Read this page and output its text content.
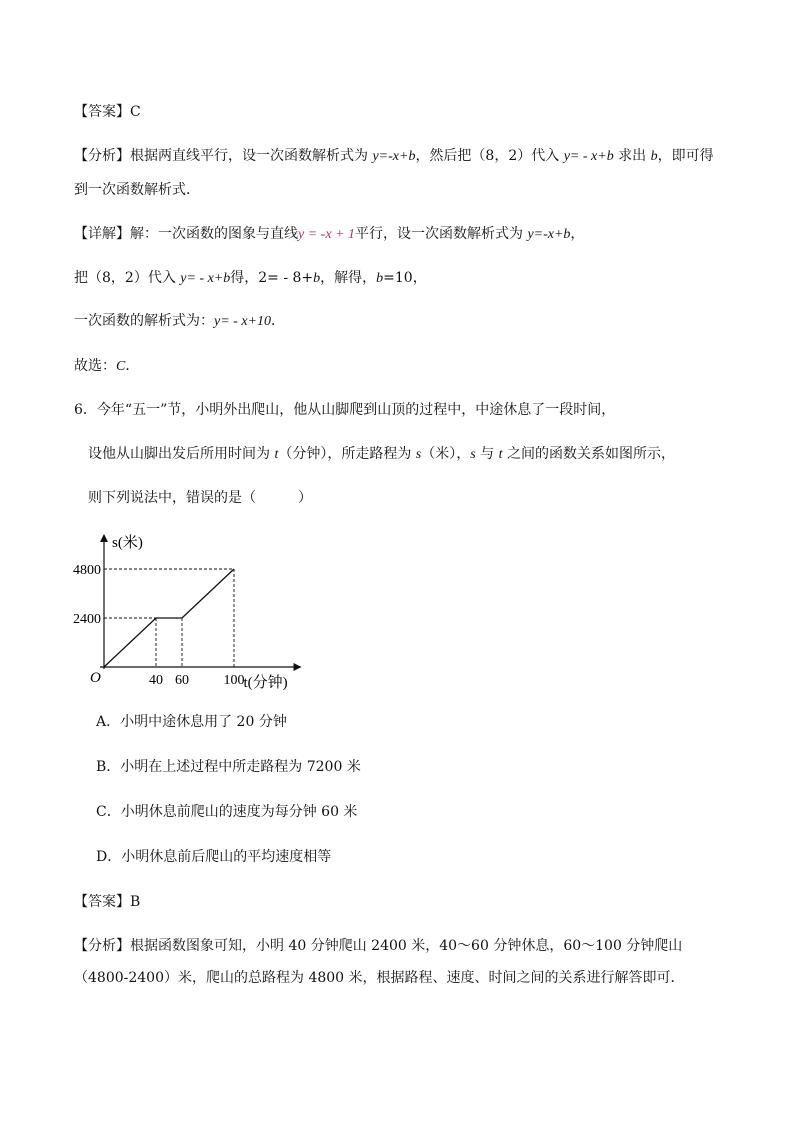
【答案】C
【分析】根据两直线平行，设一次函数解析式为 y=-x+b，然后把（8，2）代入 y= - x+b 求出 b，即可得
到一次函数解析式．
【详解】解：一次函数的图象与直线y = -x + 1平行，设一次函数解析式为 y=-x+b，
把（8，2）代入 y= - x+b得，2= - 8+b，解得，b=10，
一次函数的解析式为：y= - x+10．
故选：C．
6．今年“五一”节，小明外出爬山，他从山脚爬到山顶的过程中，中途休息了一段时间，
设他从山脚出发后所用时间为 t（分钟），所走路程为 s（米），s 与 t 之间的函数关系如图所示，
则下列说法中，错误的是（　　　）
40 60 100
2400
4800
O
s(米)
t(分钟)
A．小明中途休息用了 20 分钟
B．小明在上述过程中所走路程为 7200 米
C．小明休息前爬山的速度为每分钟 60 米
D．小明休息前后爬山的平均速度相等
【答案】B
【分析】根据函数图象可知，小明 40 分钟爬山 2400 米，40～60 分钟休息，60～100 分钟爬山
（4800-2400）米，爬山的总路程为 4800 米，根据路程、速度、时间之间的关系进行解答即可．
